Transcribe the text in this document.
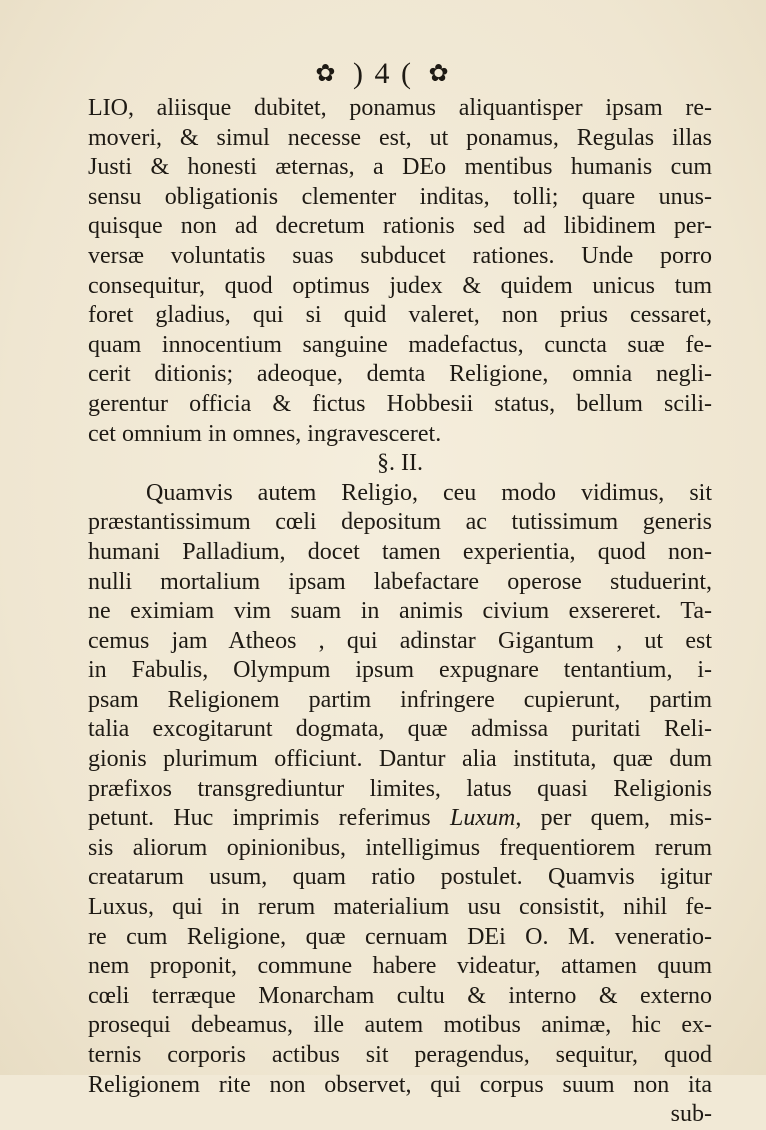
✿ ) 4 ( ✿
LIO, aliisque dubitet, ponamus aliquantisper ipsam re-
moveri, & simul necesse est, ut ponamus, Regulas illas
Justi & honesti æternas, a DEo mentibus humanis cum
sensu obligationis clementer inditas, tolli; quare unus-
quisque non ad decretum rationis sed ad libidinem per-
versæ voluntatis suas subducet rationes. Unde porro
consequitur, quod optimus judex & quidem unicus tum
foret gladius, qui si quid valeret, non prius cessaret,
quam innocentium sanguine madefactus, cuncta suæ fe-
cerit ditionis; adeoque, demta Religione, omnia negli-
gerentur officia & fictus Hobbesii status, bellum scili-
cet omnium in omnes, ingravesceret.
§. II.
Quamvis autem Religio, ceu modo vidimus, sit
præstantissimum cœli depositum ac tutissimum generis
humani Palladium, docet tamen experientia, quod non-
nulli mortalium ipsam labefactare operose studuerint,
ne eximiam vim suam in animis civium exsereret. Ta-
cemus jam Atheos , qui adinstar Gigantum , ut est
in Fabulis, Olympum ipsum expugnare tentantium, i-
psam Religionem partim infringere cupierunt, partim
talia excogitarunt dogmata, quæ admissa puritati Reli-
gionis plurimum officiunt. Dantur alia instituta, quæ dum
præfixos transgrediuntur limites, latus quasi Religionis
petunt. Huc imprimis referimus Luxum, per quem, mis-
sis aliorum opinionibus, intelligimus frequentiorem rerum
creatarum usum, quam ratio postulet. Quamvis igitur
Luxus, qui in rerum materialium usu consistit, nihil fe-
re cum Religione, quæ cernuam DEi O. M. veneratio-
nem proponit, commune habere videatur, attamen quum
cœli terræque Monarcham cultu & interno & externo
prosequi debeamus, ille autem motibus animæ, hic ex-
ternis corporis actibus sit peragendus, sequitur, quod
Religionem rite non observet, qui corpus suum non ita
sub-
